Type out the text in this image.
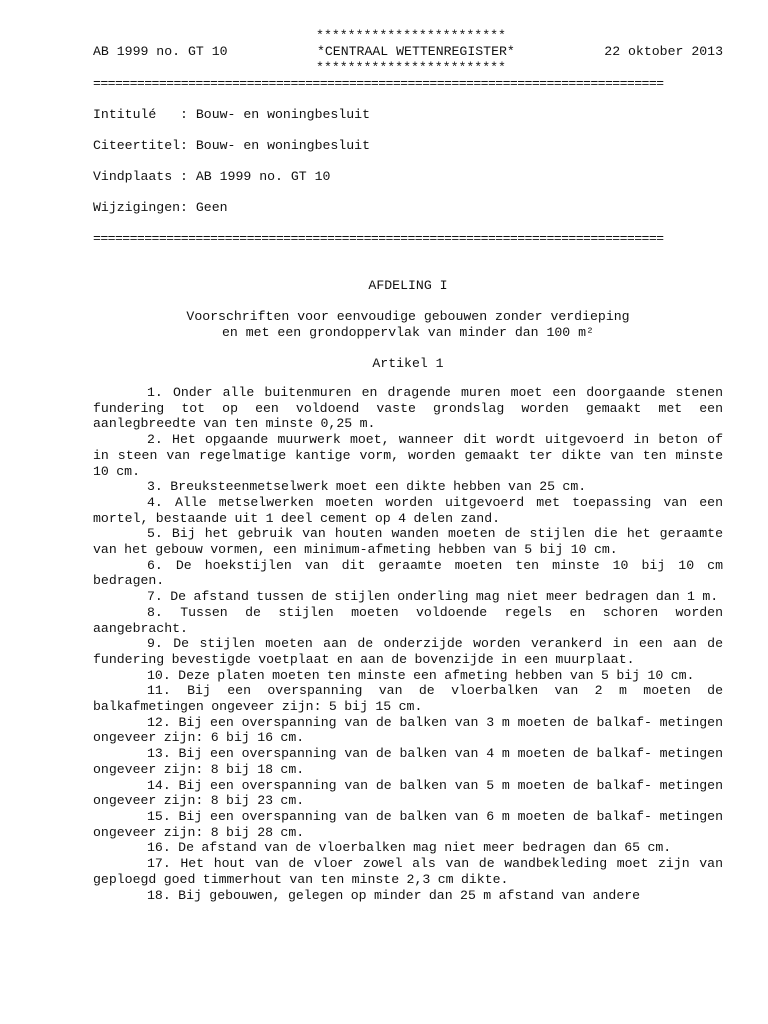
************************
AB 1999 no. GT 10	*CENTRAAL WETTENREGISTER*	22 oktober 2013
************************
==============================================================================
Intitulé   : Bouw- en woningbesluit
Citeertitel: Bouw- en woningbesluit
Vindplaats : AB 1999 no. GT 10
Wijzigingen: Geen
==============================================================================
AFDELING I
Voorschriften voor eenvoudige gebouwen zonder verdieping
en met een grondoppervlak van minder dan 100 m²
Artikel 1
1. Onder alle buitenmuren en dragende muren moet een doorgaande stenen fundering tot op een voldoend vaste grondslag worden gemaakt met een aanlegbreedte van ten minste 0,25 m.
2. Het opgaande muurwerk moet, wanneer dit wordt uitgevoerd in beton of in steen van regelmatige kantige vorm, worden gemaakt ter dikte van ten minste 10 cm.
3. Breuksteenmetselwerk moet een dikte hebben van 25 cm.
4. Alle metselwerken moeten worden uitgevoerd met toepassing van een mortel, bestaande uit 1 deel cement op 4 delen zand.
5. Bij het gebruik van houten wanden moeten de stijlen die het geraamte van het gebouw vormen, een minimum-afmeting hebben van 5 bij 10 cm.
6. De hoekstijlen van dit geraamte moeten ten minste 10 bij 10 cm bedragen.
7. De afstand tussen de stijlen onderling mag niet meer bedragen dan 1 m.
8. Tussen de stijlen moeten voldoende regels en schoren worden aangebracht.
9. De stijlen moeten aan de onderzijde worden verankerd in een aan de fundering bevestigde voetplaat en aan de bovenzijde in een muurplaat.
10. Deze platen moeten ten minste een afmeting hebben van 5 bij 10 cm.
11. Bij een overspanning van de vloerbalken van 2 m moeten de balkafmetingen ongeveer zijn: 5 bij 15 cm.
12. Bij een overspanning van de balken van 3 m moeten de balkaf- metingen ongeveer zijn: 6 bij 16 cm.
13. Bij een overspanning van de balken van 4 m moeten de balkaf- metingen ongeveer zijn: 8 bij 18 cm.
14. Bij een overspanning van de balken van 5 m moeten de balkaf- metingen ongeveer zijn: 8 bij 23 cm.
15. Bij een overspanning van de balken van 6 m moeten de balkaf- metingen ongeveer zijn: 8 bij 28 cm.
16. De afstand van de vloerbalken mag niet meer bedragen dan 65 cm.
17. Het hout van de vloer zowel als van de wandbekleding moet zijn van geploegd goed timmerhout van ten minste 2,3 cm dikte.
18. Bij gebouwen, gelegen op minder dan 25 m afstand van andere
